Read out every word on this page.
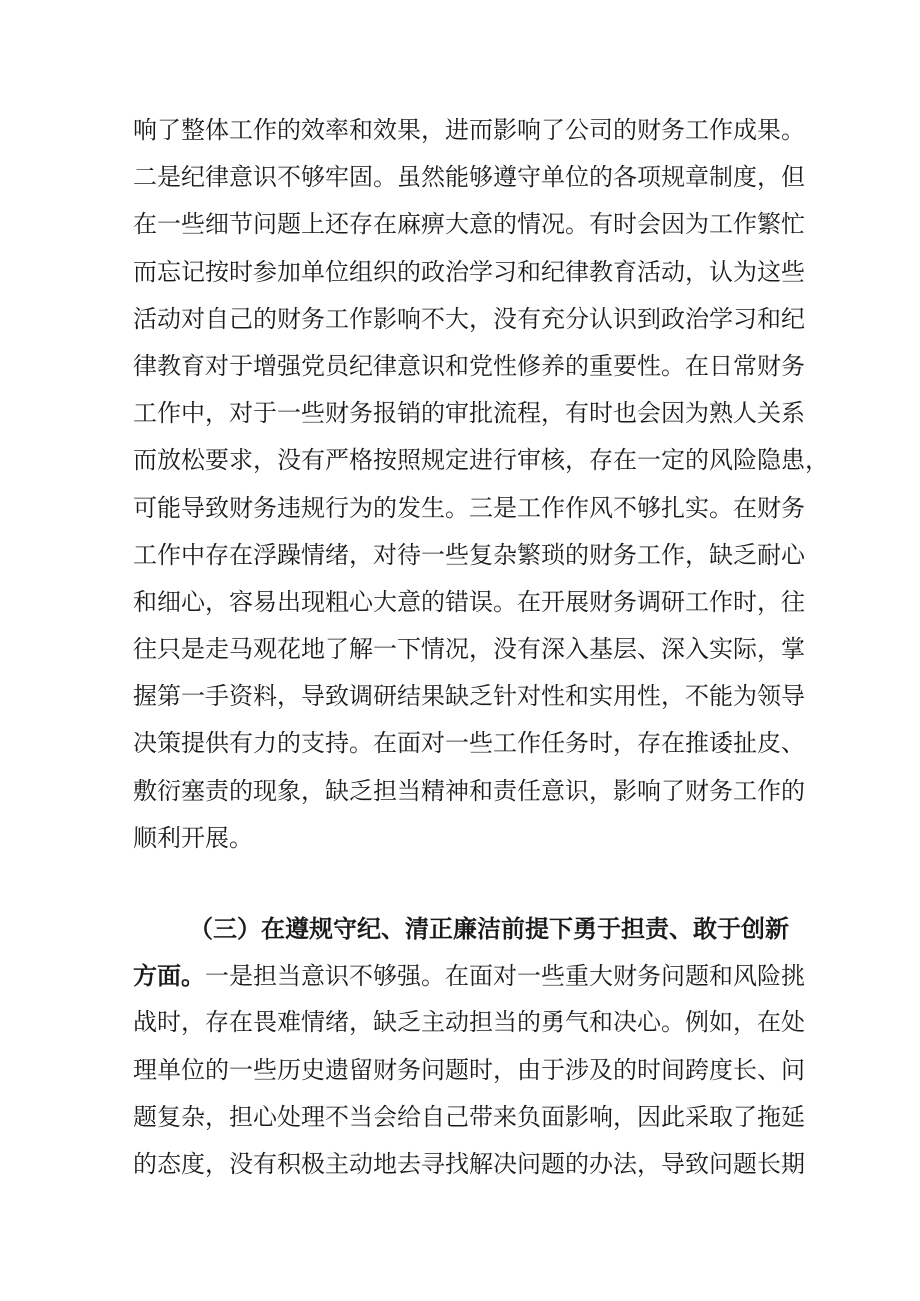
响了整体工作的效率和效果，进而影响了公司的财务工作成果。
二是纪律意识不够牢固。虽然能够遵守单位的各项规章制度，但
在一些细节问题上还存在麻痹大意的情况。有时会因为工作繁忙
而忘记按时参加单位组织的政治学习和纪律教育活动，认为这些
活动对自己的财务工作影响不大，没有充分认识到政治学习和纪
律教育对于增强党员纪律意识和党性修养的重要性。在日常财务
工作中，对于一些财务报销的审批流程，有时也会因为熟人关系
而放松要求，没有严格按照规定进行审核，存在一定的风险隐患，
可能导致财务违规行为的发生。三是工作作风不够扎实。在财务
工作中存在浮躁情绪，对待一些复杂繁琐的财务工作，缺乏耐心
和细心，容易出现粗心大意的错误。在开展财务调研工作时，往
往只是走马观花地了解一下情况，没有深入基层、深入实际，掌
握第一手资料，导致调研结果缺乏针对性和实用性，不能为领导
决策提供有力的支持。在面对一些工作任务时，存在推诿扯皮、
敷衍塞责的现象，缺乏担当精神和责任意识，影响了财务工作的
顺利开展。
（三）在遵规守纪、清正廉洁前提下勇于担责、敢于创新
方面。一是担当意识不够强。在面对一些重大财务问题和风险挑
战时，存在畏难情绪，缺乏主动担当的勇气和决心。例如，在处
理单位的一些历史遗留财务问题时，由于涉及的时间跨度长、问
题复杂，担心处理不当会给自己带来负面影响，因此采取了拖延
的态度，没有积极主动地去寻找解决问题的办法，导致问题长期
